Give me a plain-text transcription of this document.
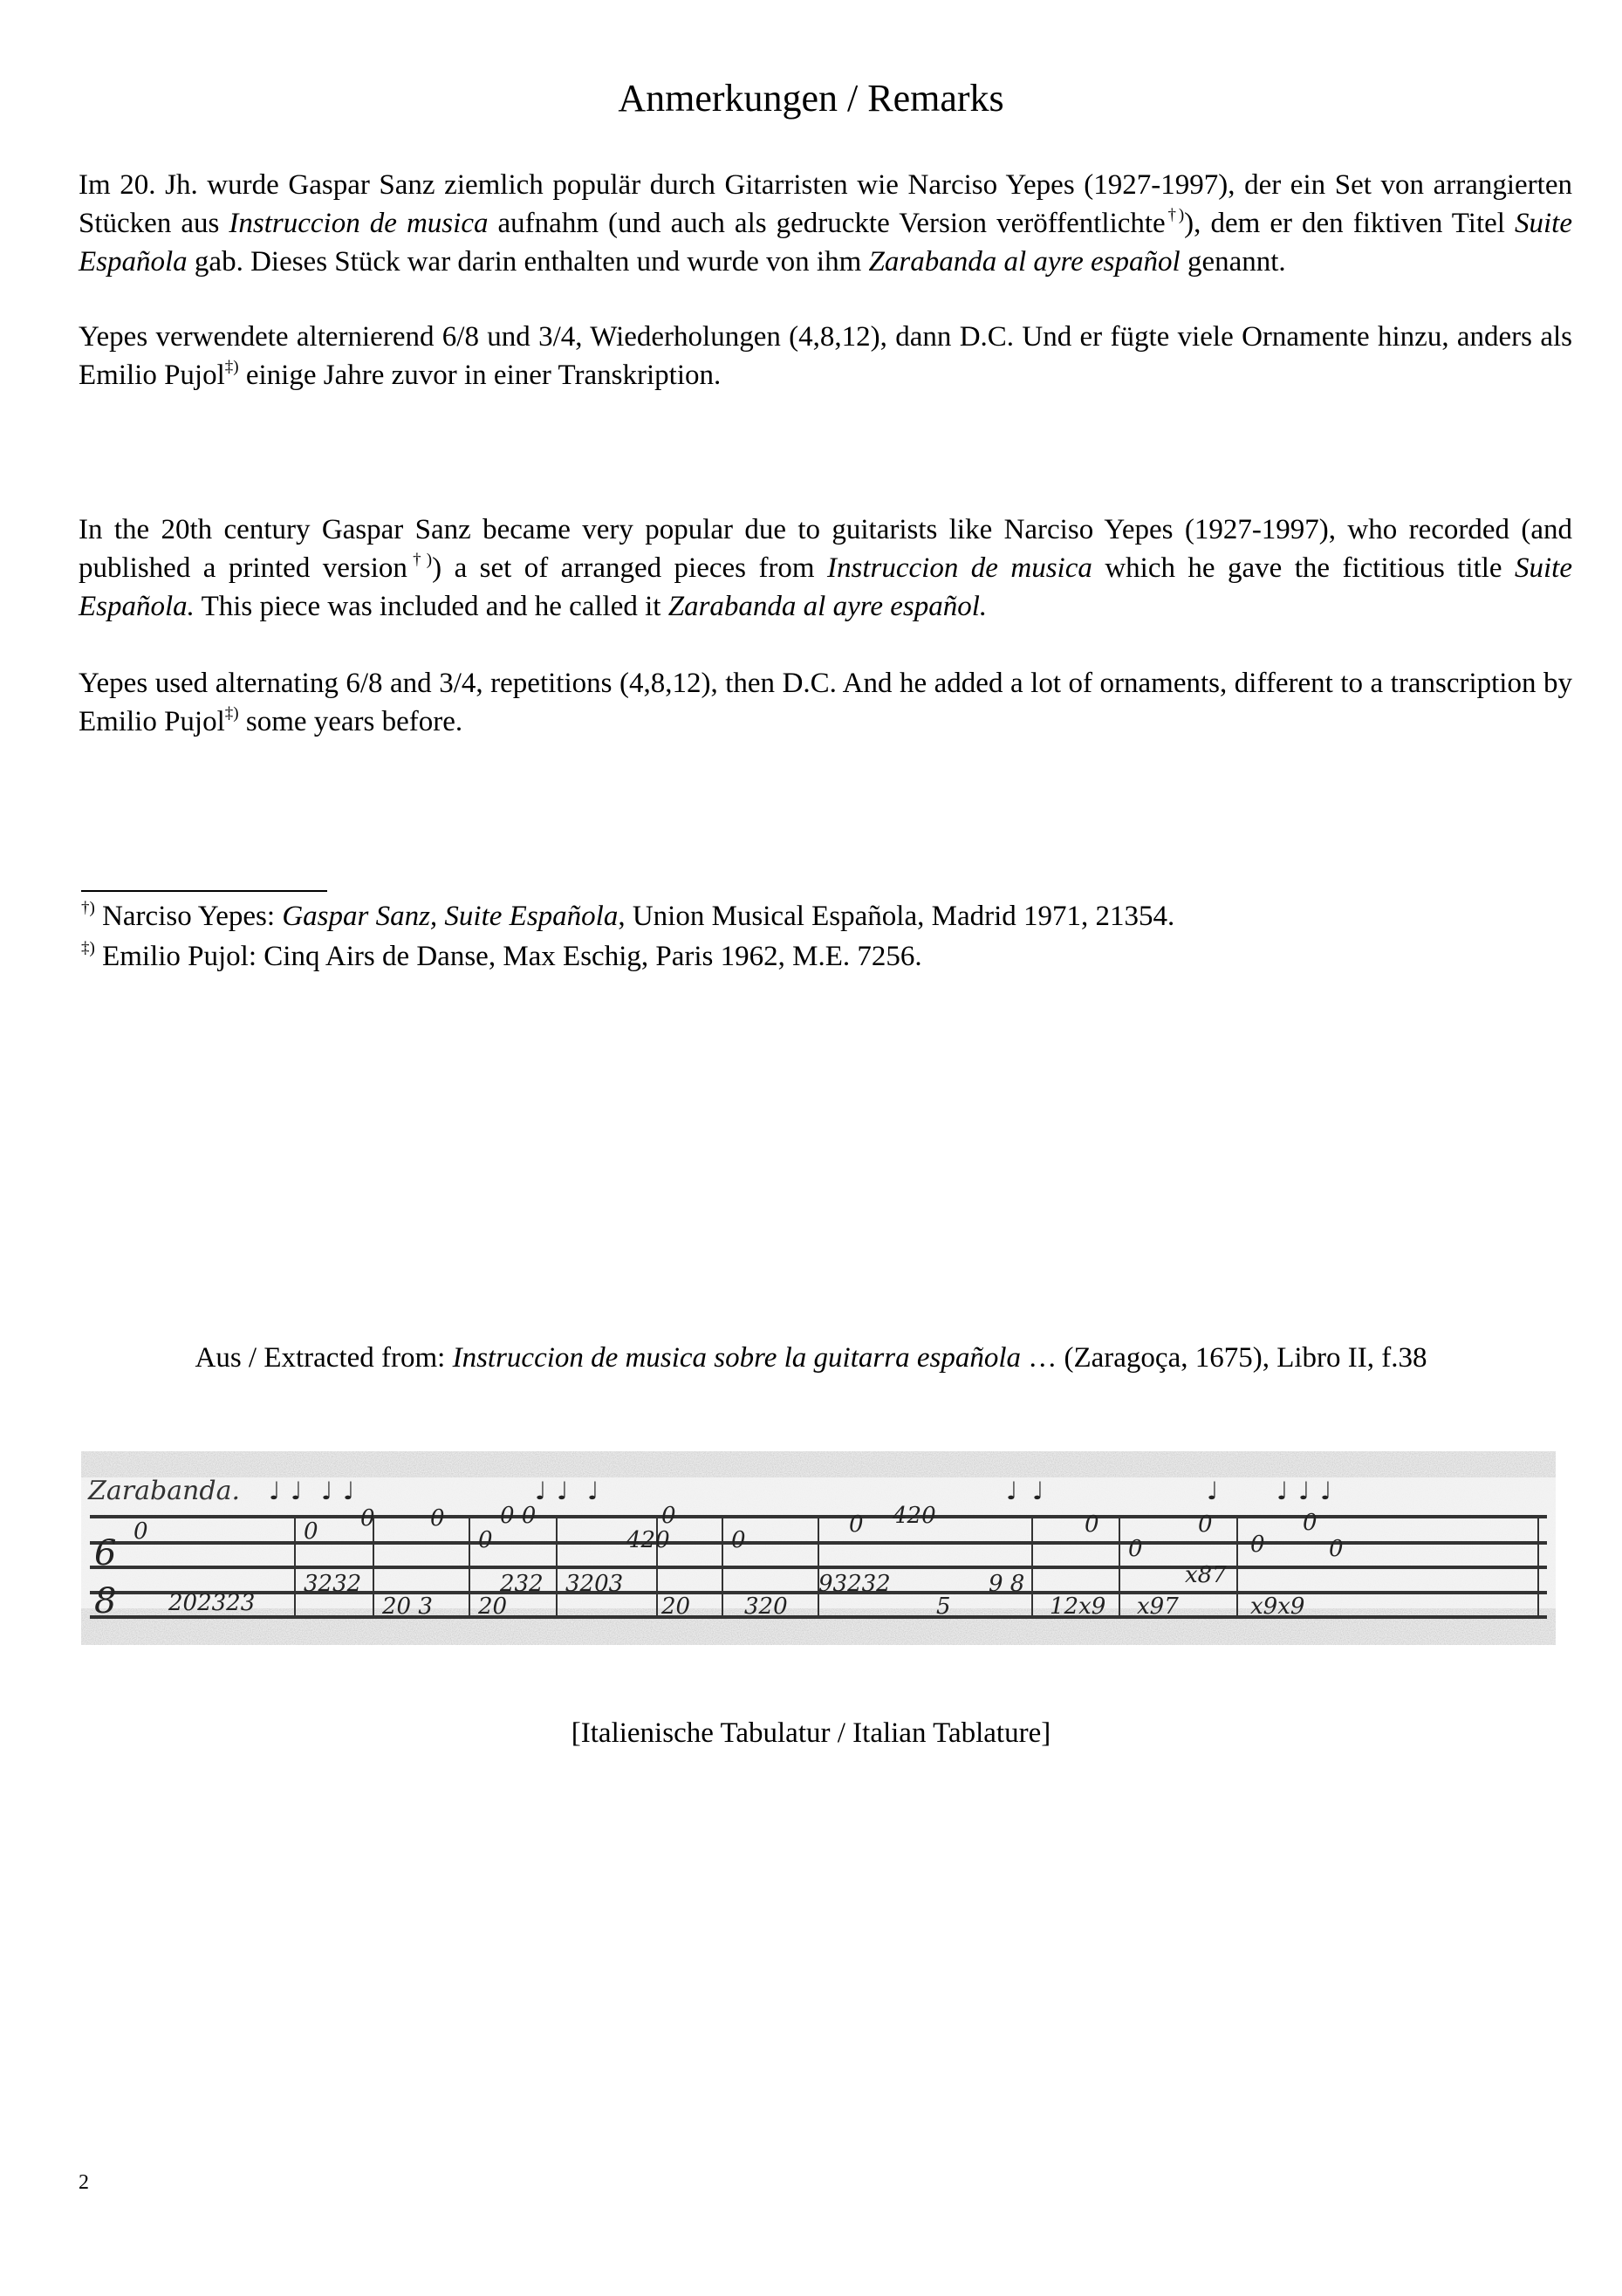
Anmerkungen / Remarks
Im 20. Jh. wurde Gaspar Sanz ziemlich populär durch Gitarristen wie Narciso Yepes (1927-1997), der ein Set von arrangierten Stücken aus Instruccion de musica aufnahm (und auch als gedruckte Version veröffentlichte†)), dem er den fiktiven Titel Suite Española gab. Dieses Stück war darin enthalten und wurde von ihm Zarabanda al ayre español genannt.
Yepes verwendete alternierend 6/8 und 3/4, Wiederholungen (4,8,12), dann D.C. Und er fügte viele Ornamente hinzu, anders als Emilio Pujol‡) einige Jahre zuvor in einer Transkription.
In the 20th century Gaspar Sanz became very popular due to guitarists like Narciso Yepes (1927-1997), who recorded (and published a printed version†)) a set of arranged pieces from Instruccion de musica which he gave the fictitious title Suite Española. This piece was included and he called it Zarabanda al ayre español.
Yepes used alternating 6/8 and 3/4, repetitions (4,8,12), then D.C. And he added a lot of ornaments, different to a transcription by Emilio Pujol‡) some years before.
†) Narciso Yepes: Gaspar Sanz, Suite Española, Union Musical Española, Madrid 1971, 21354.
‡) Emilio Pujol: Cinq Airs de Danse, Max Eschig, Paris 1962, M.E. 7256.
Aus / Extracted from: Instruccion de musica sobre la guitarra española … (Zaragoça, 1675), Libro II, f.38
6
8
0
202323
0
3232
0
20 3
0
0
20
0 0
232 3203
420
0
20
0
320
93232
0 420
5
9 8
12x9
0
0
x97
x87
0
0
x9x9
0
0
♩ ♩ ♩ ♩	♩ ♩ ♩	♩ ♩	♩ ♩ ♩ ♩
Zarabanda.
[Italienische Tabulatur / Italian Tablature]
2
